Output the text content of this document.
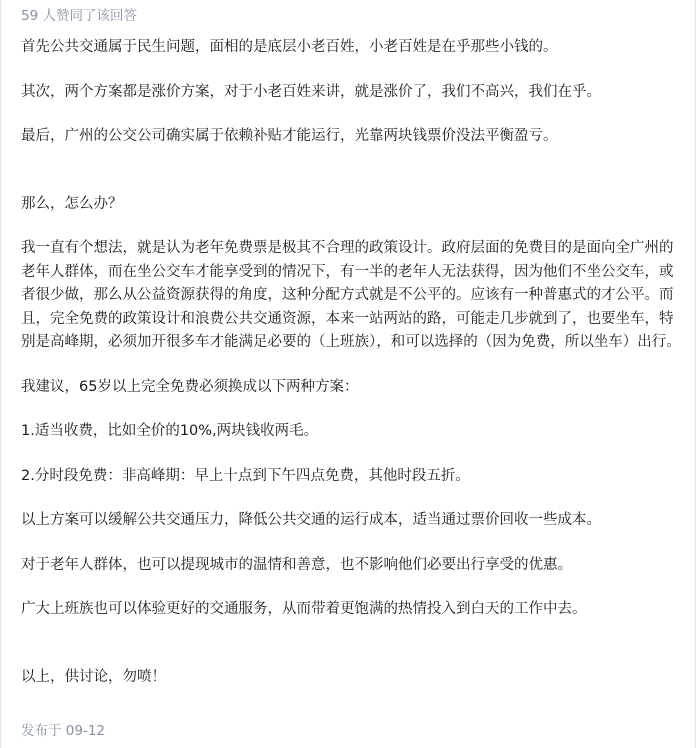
59 人赞同了该回答

首先公共交通属于民生问题，面相的是底层小老百姓，小老百姓是在乎那些小钱的。

其次，两个方案都是涨价方案，对于小老百姓来讲，就是涨价了，我们不高兴，我们在乎。

最后，广州的公交公司确实属于依赖补贴才能运行，光靠两块钱票价没法平衡盈亏。

那么，怎么办？

我一直有个想法，就是认为老年免费票是极其不合理的政策设计。政府层面的免费目的是面向全广州的老年人群体，而在坐公交车才能享受到的情况下，有一半的老年人无法获得，因为他们不坐公交车，或者很少做，那么从公益资源获得的角度，这种分配方式就是不公平的。应该有一种普惠式的才公平。而且，完全免费的政策设计和浪费公共交通资源，本来一站两站的路，可能走几步就到了，也要坐车，特别是高峰期，必须加开很多车才能满足必要的（上班族），和可以选择的（因为免费，所以坐车）出行。

我建议，65岁以上完全免费必须换成以下两种方案：

1.适当收费，比如全价的10%,两块钱收两毛。

2.分时段免费：非高峰期：早上十点到下午四点免费，其他时段五折。

以上方案可以缓解公共交通压力，降低公共交通的运行成本，适当通过票价回收一些成本。

对于老年人群体，也可以提现城市的温情和善意，也不影响他们必要出行享受的优惠。

广大上班族也可以体验更好的交通服务，从而带着更饱满的热情投入到白天的工作中去。

以上，供讨论，勿喷！

发布于 09-12
